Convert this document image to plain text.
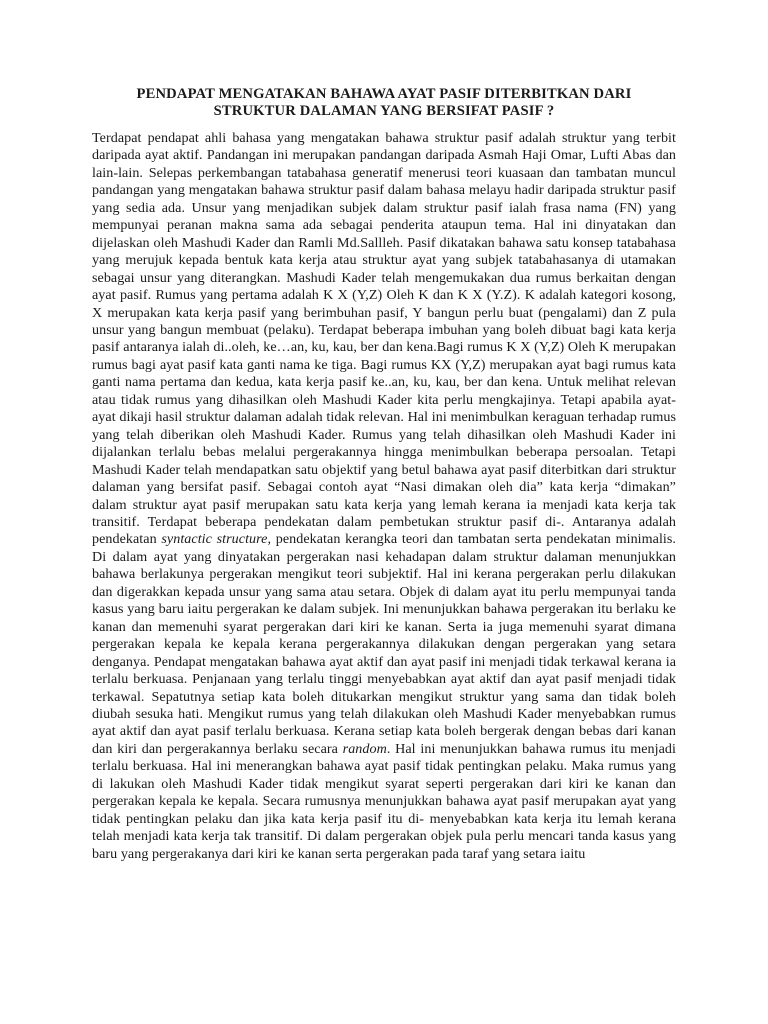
PENDAPAT MENGATAKAN BAHAWA AYAT PASIF DITERBITKAN DARI
STRUKTUR DALAMAN YANG BERSIFAT PASIF ?

Terdapat pendapat ahli bahasa yang mengatakan bahawa struktur pasif adalah struktur yang terbit daripada ayat aktif. Pandangan ini merupakan pandangan daripada Asmah Haji Omar, Lufti Abas dan lain-lain. Selepas perkembangan tatabahasa generatif menerusi teori kuasaan dan tambatan muncul pandangan yang mengatakan bahawa struktur pasif dalam bahasa melayu hadir daripada struktur pasif yang sedia ada. Unsur yang menjadikan subjek dalam struktur pasif ialah frasa nama (FN) yang mempunyai peranan makna sama ada sebagai penderita ataupun tema. Hal ini dinyatakan dan dijelaskan oleh Mashudi Kader dan Ramli Md.Sallleh. Pasif dikatakan bahawa satu konsep tatabahasa yang merujuk kepada bentuk kata kerja atau struktur ayat yang subjek tatabahasanya di utamakan sebagai unsur yang diterangkan. Mashudi Kader telah mengemukakan dua rumus berkaitan dengan ayat pasif. Rumus yang pertama adalah K X (Y,Z) Oleh K dan K X (Y.Z). K adalah kategori kosong, X merupakan kata kerja pasif yang berimbuhan pasif, Y bangun perlu buat (pengalami) dan Z pula unsur yang bangun membuat (pelaku). Terdapat beberapa imbuhan yang boleh dibuat bagi kata kerja pasif antaranya ialah di..oleh, ke…an, ku, kau, ber dan kena.Bagi rumus K X (Y,Z) Oleh K merupakan rumus bagi ayat pasif kata ganti nama ke tiga. Bagi rumus KX (Y,Z) merupakan ayat bagi rumus kata ganti nama pertama dan kedua, kata kerja pasif ke..an, ku, kau, ber dan kena. Untuk melihat relevan atau tidak rumus yang dihasilkan oleh Mashudi Kader kita perlu mengkajinya. Tetapi apabila ayat-ayat dikaji hasil struktur dalaman adalah tidak relevan. Hal ini menimbulkan keraguan terhadap rumus yang telah diberikan oleh Mashudi Kader. Rumus yang telah dihasilkan oleh Mashudi Kader ini dijalankan terlalu bebas melalui pergerakannya hingga menimbulkan beberapa persoalan. Tetapi Mashudi Kader telah mendapatkan satu objektif yang betul bahawa ayat pasif diterbitkan dari struktur dalaman yang bersifat pasif. Sebagai contoh ayat “Nasi dimakan oleh dia” kata kerja “dimakan” dalam struktur ayat pasif merupakan satu kata kerja yang lemah kerana ia menjadi kata kerja tak transitif. Terdapat beberapa pendekatan dalam pembetukan struktur pasif di-. Antaranya adalah pendekatan syntactic structure, pendekatan kerangka teori dan tambatan serta pendekatan minimalis. Di dalam ayat yang dinyatakan pergerakan nasi kehadapan dalam struktur dalaman menunjukkan bahawa berlakunya pergerakan mengikut teori subjektif. Hal ini kerana pergerakan perlu dilakukan dan digerakkan kepada unsur yang sama atau setara. Objek di dalam ayat itu perlu mempunyai tanda kasus yang baru iaitu pergerakan ke dalam subjek. Ini menunjukkan bahawa pergerakan itu berlaku ke kanan dan memenuhi syarat pergerakan dari kiri ke kanan. Serta ia juga memenuhi syarat dimana pergerakan kepala ke kepala kerana pergerakannya dilakukan dengan pergerakan yang setara denganya. Pendapat mengatakan bahawa ayat aktif dan ayat pasif ini menjadi tidak terkawal kerana ia terlalu berkuasa. Penjanaan yang terlalu tinggi menyebabkan ayat aktif dan ayat pasif menjadi tidak terkawal. Sepatutnya setiap kata boleh ditukarkan mengikut struktur yang sama dan tidak boleh diubah sesuka hati. Mengikut rumus yang telah dilakukan oleh Mashudi Kader menyebabkan rumus ayat aktif dan ayat pasif terlalu berkuasa. Kerana setiap kata boleh bergerak dengan bebas dari kanan dan kiri dan pergerakannya berlaku secara random. Hal ini menunjukkan bahawa rumus itu menjadi terlalu berkuasa. Hal ini menerangkan bahawa ayat pasif tidak pentingkan pelaku. Maka rumus yang di lakukan oleh Mashudi Kader tidak mengikut syarat seperti pergerakan dari kiri ke kanan dan pergerakan kepala ke kepala. Secara rumusnya menunjukkan bahawa ayat pasif merupakan ayat yang tidak pentingkan pelaku dan jika kata kerja pasif itu di- menyebabkan kata kerja itu lemah kerana telah menjadi kata kerja tak transitif. Di dalam pergerakan objek pula perlu mencari tanda kasus yang baru yang pergerakanya dari kiri ke kanan serta pergerakan pada taraf yang setara iaitu
